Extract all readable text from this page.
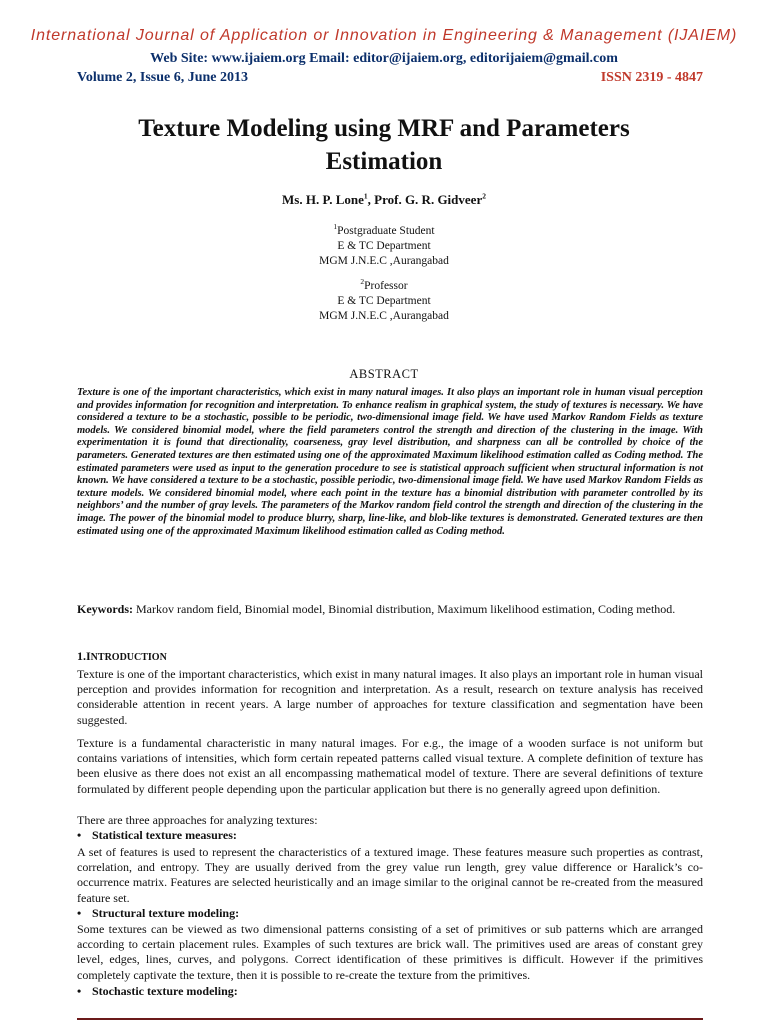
International Journal of Application or Innovation in Engineering & Management (IJAIEM)
Web Site: www.ijaiem.org Email: editor@ijaiem.org, editorijaiem@gmail.com
Volume 2, Issue 6, June 2013	ISSN 2319 - 4847
Texture Modeling using MRF and Parameters Estimation
Ms. H. P. Lone$^1$, Prof. G. R. Gidveer$^2$
$^1$Postgraduate Student
E & TC Department
MGM J.N.E.C ,Aurangabad
$^2$Professor
E & TC Department
MGM J.N.E.C ,Aurangabad
ABSTRACT

Texture is one of the important characteristics, which exist in many natural images. It also plays an important role in human visual perception and provides information for recognition and interpretation. To enhance realism in graphical system, the study of textures is necessary. We have considered a texture to be a stochastic, possible to be periodic, two-dimensional image field. We have used Markov Random Fields as texture models. We considered binomial model, where the field parameters control the strength and direction of the clustering in the image. With experimentation it is found that directionality, coarseness, gray level distribution, and sharpness can all be controlled by choice of the parameters. Generated textures are then estimated using one of the approximated Maximum likelihood estimation called as Coding method. The estimated parameters were used as input to the generation procedure to see is statistical approach sufficient when structural information is not known. We have considered a texture to be a stochastic, possible periodic, two-dimensional image field. We have used Markov Random Fields as texture models. We considered binomial model, where each point in the texture has a binomial distribution with parameter controlled by its neighbors’ and the number of gray levels. The parameters of the Markov random field control the strength and direction of the clustering in the image. The power of the binomial model to produce blurry, sharp, line-like, and blob-like textures is demonstrated. Generated textures are then estimated using one of the approximated Maximum likelihood estimation called as Coding method.

Keywords: Markov random field, Binomial model, Binomial distribution, Maximum likelihood estimation, Coding method.

1.INTRODUCTION

Texture is one of the important characteristics, which exist in many natural images. It also plays an important role in human visual perception and provides information for recognition and interpretation. As a result, research on texture analysis has received considerable attention in recent years. A large number of approaches for texture classification and segmentation have been suggested.

Texture is a fundamental characteristic in many natural images. For e.g., the image of a wooden surface is not uniform but contains variations of intensities, which form certain repeated patterns called visual texture. A complete definition of texture has been elusive as there does not exist an all encompassing mathematical model of texture. There are several definitions of texture formulated by different people depending upon the particular application but there is no generally agreed upon definition.

There are three approaches for analyzing textures:

• Statistical texture measures:

A set of features is used to represent the characteristics of a textured image. These features measure such properties as contrast, correlation, and entropy. They are usually derived from the grey value run length, grey value difference or Haralick’s co-occurrence matrix. Features are selected heuristically and an image similar to the original cannot be re-created from the measured feature set.

• Structural texture modeling:

Some textures can be viewed as two dimensional patterns consisting of a set of primitives or sub patterns which are arranged according to certain placement rules. Examples of such textures are brick wall. The primitives used are areas of constant grey level, edges, lines, curves, and polygons. Correct identification of these primitives is difficult. However if the primitives completely captivate the texture, then it is possible to re-create the texture from the primitives.

• Stochastic texture modeling:
